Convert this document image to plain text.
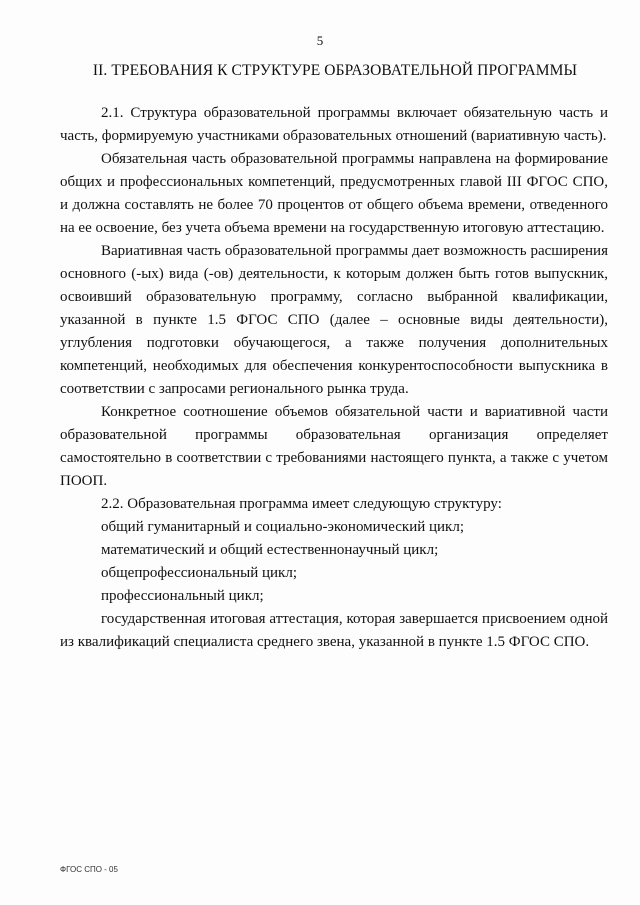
5
II. ТРЕБОВАНИЯ К СТРУКТУРЕ ОБРАЗОВАТЕЛЬНОЙ ПРОГРАММЫ

2.1. Структура образовательной программы включает обязательную часть и часть, формируемую участниками образовательных отношений (вариативную часть).

Обязательная часть образовательной программы направлена на формирование общих и профессиональных компетенций, предусмотренных главой III ФГОС СПО, и должна составлять не более 70 процентов от общего объема времени, отведенного на ее освоение, без учета объема времени на государственную итоговую аттестацию.

Вариативная часть образовательной программы дает возможность расширения основного (-ых) вида (-ов) деятельности, к которым должен быть готов выпускник, освоивший образовательную программу, согласно выбранной квалификации, указанной в пункте 1.5 ФГОС СПО (далее – основные виды деятельности), углубления подготовки обучающегося, а также получения дополнительных компетенций, необходимых для обеспечения конкурентоспособности выпускника в соответствии с запросами регионального рынка труда.

Конкретное соотношение объемов обязательной части и вариативной части образовательной программы образовательная организация определяет самостоятельно в соответствии с требованиями настоящего пункта, а также с учетом ПООП.

2.2. Образовательная программа имеет следующую структуру:

общий гуманитарный и социально-экономический цикл;

математический и общий естественнонаучный цикл;

общепрофессиональный цикл;

профессиональный цикл;

государственная итоговая аттестация, которая завершается присвоением одной из квалификаций специалиста среднего звена, указанной в пункте 1.5 ФГОС СПО.

ФГОС СПО - 05
